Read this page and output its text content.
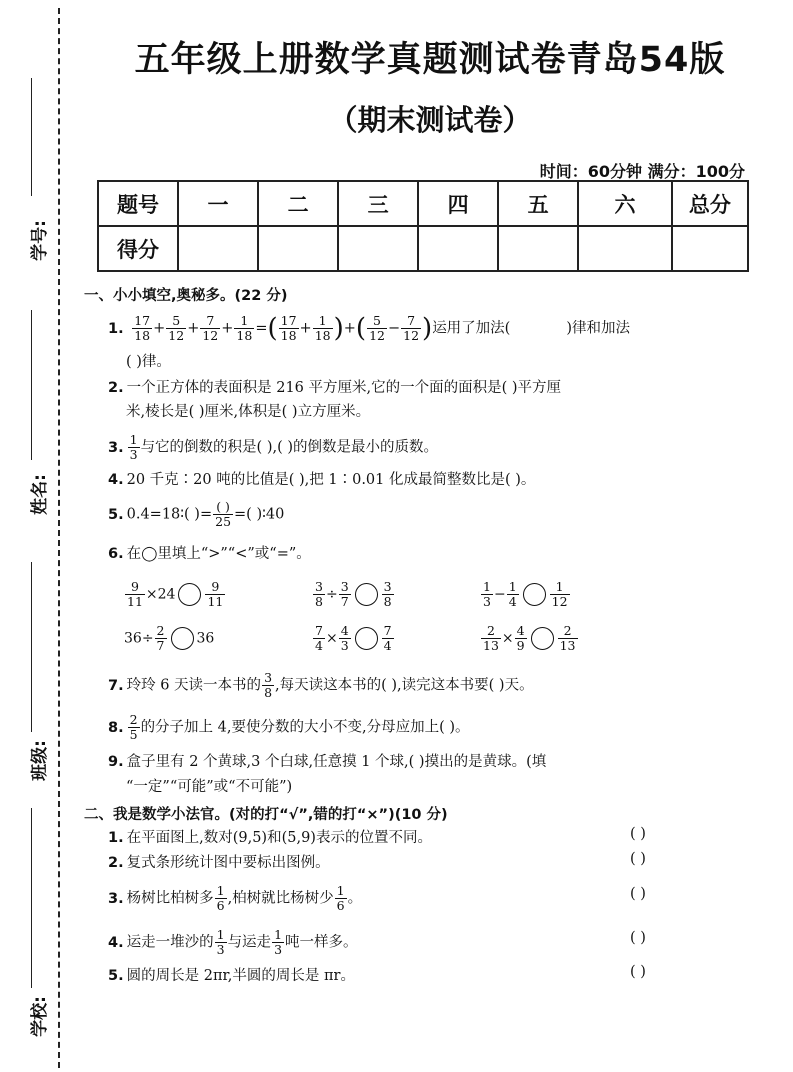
学号:
姓名:
班级:
学校:
五年级上册数学真题测试卷青岛54版
（期末测试卷）
时间：60分钟 满分：100分
题号	一	二	三	四	五	六	总分
得分							
一、小小填空,奥秘多。(22 分)
1. $\frac{17}{18} + \frac{5}{12} + \frac{7}{12} + \frac{1}{18}$ =( $\frac{17}{18} + \frac{1}{18}$ )+( $\frac{5}{12} - \frac{7}{12}$ )运用了加法(	)律和加法
( )律。
2. 一个正方体的表面积是 216 平方厘米,它的一个面的面积是( )平方厘
米,棱长是( )厘米,体积是( )立方厘米。
3. $\frac{1}{3}$ 与它的倒数的积是( ),( )的倒数是最小的质数。
4. 20 千克∶20 吨的比值是( ),把 1∶0.01 化成最简整数比是( )。
5. 0.4=18∶( )= $\frac{( )}{25}$ =( )∶40
6. 在◯里填上“>”“<”或“=”。
$\frac{9}{11} \times 24 \frac{9}{11}$	$\frac{3}{8} \div \frac{3}{7} \frac{3}{8}$	$\frac{1}{3} - \frac{1}{4} \frac{1}{12}$
$36\div \frac{2}{7} 36$	$\frac{7}{4} \times \frac{4}{3} \frac{7}{4}$	$\frac{2}{13} \times \frac{4}{9} \frac{2}{13}$
7. 玲玲 6 天读一本书的 $\frac{3}{8}$ ,每天读这本书的( ),读完这本书要( )天。
8. $\frac{2}{5}$ 的分子加上 4,要使分数的大小不变,分母应加上( )。
9. 盒子里有 2 个黄球,3 个白球,任意摸 1 个球,( )摸出的是黄球。(填
“一定”“可能”或“不可能”)
二、我是数学小法官。(对的打“√”,错的打“×”)(10 分)
1. 在平面图上,数对(9,5)和(5,9)表示的位置不同。	( )
2. 复式条形统计图中要标出图例。	( )
3. 杨树比柏树多 $\frac{1}{6}$ ,柏树就比杨树少 $\frac{1}{6}$ 。	( )
4. 运走一堆沙的 $\frac{1}{3}$ 与运走 $\frac{1}{3}$ 吨一样多。	( )
5. 圆的周长是 2πr,半圆的周长是 πr。	( )
